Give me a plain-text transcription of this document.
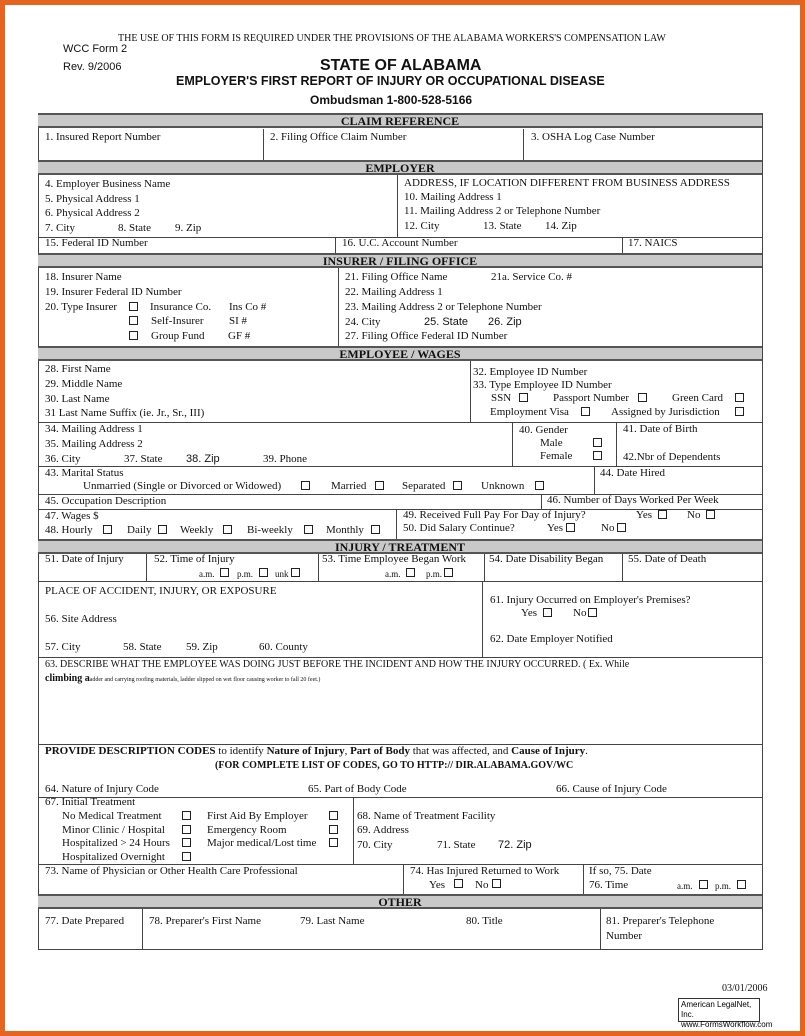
THE USE OF THIS FORM IS REQUIRED UNDER THE PROVISIONS OF THE ALABAMA WORKERS'S COMPENSATION LAW
WCC Form 2
Rev. 9/2006	STATE OF ALABAMA
EMPLOYER'S FIRST REPORT OF INJURY OR OCCUPATIONAL DISEASE
Ombudsman 1-800-528-5166
CLAIM REFERENCE
EMPLOYER
INSURER / FILING OFFICE
EMPLOYEE / WAGES
INJURY / TREATMENT
OTHER
1. Insured Report Number	2. Filing Office Claim Number	3. OSHA Log Case Number
4. Employer Business Name
5. Physical Address 1
6. Physical Address 2
7. City	8. State 9. Zip
ADDRESS, IF LOCATION DIFFERENT FROM BUSINESS ADDRESS
10. Mailing Address 1
11. Mailing Address 2 or Telephone Number
12. City	13. State 14. Zip
15. Federal ID Number	16. U.C. Account Number	17. NAICS
18. Insurer Name
19. Insurer Federal ID Number
20. Type Insurer	Insurance Co. Ins Co #
Self-Insurer SI #
Group Fund GF #
21. Filing Office Name	21a. Service Co. #
22. Mailing Address 1
23. Mailing Address 2 or Telephone Number
24. City	25. State 26. Zip
27. Filing Office Federal ID Number
28. First Name
29. Middle Name
30. Last Name
31 Last Name Suffix (ie. Jr., Sr., III)
32. Employee ID Number
33. Type Employee ID Number
SSN	Passport Number	Green Card
Employment Visa	Assigned by Jurisdiction
34. Mailing Address 1
35. Mailing Address 2
36. City	37. State 38. Zip	39. Phone
40. Gender
Male
Female
41. Date of Birth
42.Nbr of Dependents
43. Marital Status
Unmarried (Single or Divorced or Widowed)	Married	Separated	Unknown
44. Date Hired
45. Occupation Description	46. Number of Days Worked Per Week
47. Wages $
48. Hourly	Daily	Weekly	Bi-weekly	Monthly
49. Received Full Pay For Day of Injury?	Yes	No
50. Did Salary Continue?	Yes	No
51. Date of Injury	52. Time of Injury
a.m.	p.m. unk
53. Time Employee Began Work
a.m.	p.m.
54. Date Disability Began 55. Date of Death
PLACE OF ACCIDENT, INJURY, OR EXPOSURE
56. Site Address
57. City	58. State 59. Zip	60. County
61. Injury Occurred on Employer's Premises?
Yes	No
62. Date Employer Notified
63. DESCRIBE WHAT THE EMPLOYEE WAS DOING JUST BEFORE THE INCIDENT AND HOW THE INJURY OCCURRED. ( Ex. While
climbing a
ladder and carrying roofing materials, ladder slipped on wet floor causing worker to fall 20 feet.)
PROVIDE DESCRIPTION CODES to identify Nature of Injury, Part of Body that was affected, and Cause of Injury.
(FOR COMPLETE LIST OF CODES, GO TO HTTP:// DIR.ALABAMA.GOV/WC
64. Nature of Injury Code	65. Part of Body Code	66. Cause of Injury Code
67. Initial Treatment
No Medical Treatment	First Aid By Employer
Minor Clinic / Hospital	Emergency Room
Hospitalized > 24 Hours	Major medical/Lost time
Hospitalized Overnight
68. Name of Treatment Facility
69. Address
70. City	71. State 72. Zip
73. Name of Physician or Other Health Care Professional	74. Has Injured Returned to Work
Yes	No
If so, 75. Date
76. Time	a.m.	p.m.
77. Date Prepared 78. Preparer's First Name	79. Last Name	80. Title	81. Preparer's Telephone
Number
03/01/2006
American LegalNet, Inc.
www.FormsWorkflow.com
